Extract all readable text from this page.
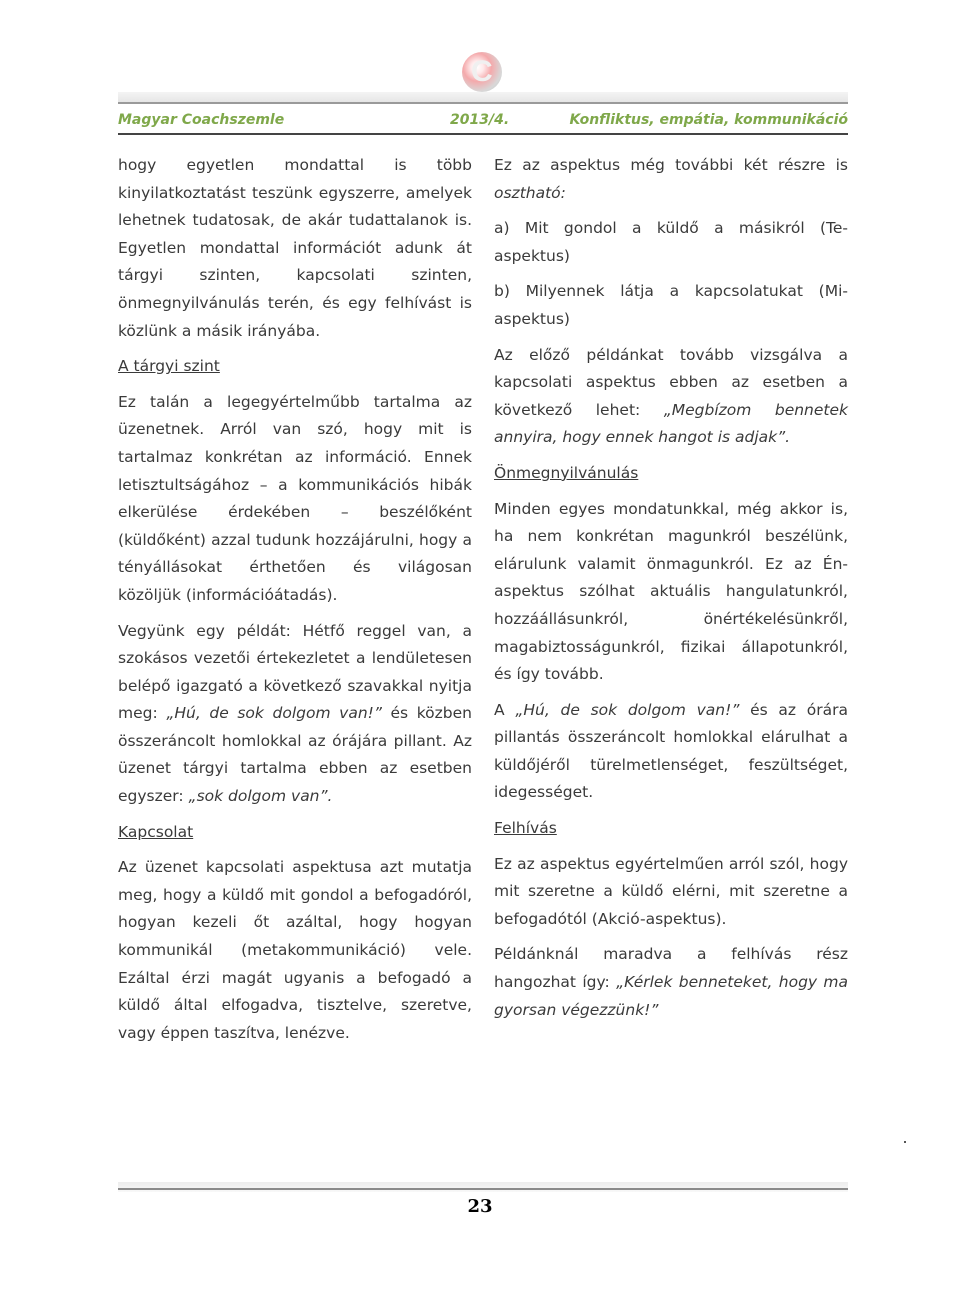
C
Magyar Coachszemle	2013/4.	Konfliktus, empátia, kommunikáció

hogy egyetlen mondattal is több kinyilatkoztatást teszünk egyszerre, amelyek lehetnek tudatosak, de akár tudattalanok is. Egyetlen mondattal információt adunk át tárgyi szinten, kapcsolati szinten, önmegnyilvánulás terén, és egy felhívást is közlünk a másik irányába.

A tárgyi szint

Ez talán a legegyértelműbb tartalma az üzenetnek. Arról van szó, hogy mit is tartalmaz konkrétan az információ. Ennek letisztultságához – a kommunikációs hibák elkerülése érdekében – beszélőként (küldőként) azzal tudunk hozzájárulni, hogy a tényállásokat érthetően és világosan közöljük (információátadás).

Vegyünk egy példát: Hétfő reggel van, a szokásos vezetői értekezletet a lendületesen belépő igazgató a következő szavakkal nyitja meg: „Hú, de sok dolgom van!” és közben összeráncolt homlokkal az órájára pillant. Az üzenet tárgyi tartalma ebben az esetben egyszer: „sok dolgom van”.

Kapcsolat

Az üzenet kapcsolati aspektusa azt mutatja meg, hogy a küldő mit gondol a befogadóról, hogyan kezeli őt azáltal, hogy hogyan kommunikál (metakommunikáció) vele. Ezáltal érzi magát ugyanis a befogadó a küldő által elfogadva, tisztelve, szeretve, vagy éppen taszítva, lenézve.

Ez az aspektus még további két részre is osztható:

a) Mit gondol a küldő a másikról (Te-aspektus)

b) Milyennek látja a kapcsolatukat (Mi-aspektus)

Az előző példánkat tovább vizsgálva a kapcsolati aspektus ebben az esetben a következő lehet: „Megbízom bennetek annyira, hogy ennek hangot is adjak”.

Önmegnyilvánulás

Minden egyes mondatunkkal, még akkor is, ha nem konkrétan magunkról beszélünk, elárulunk valamit önmagunkról. Ez az Én-aspektus szólhat aktuális hangulatunkról, hozzáállásunkról, önértékelésünkről, magabiztosságunkról, fizikai állapotunkról, és így tovább.

A „Hú, de sok dolgom van!” és az órára pillantás összeráncolt homlokkal elárulhat a küldőjéről türelmetlenséget, feszültséget, idegességet.

Felhívás

Ez az aspektus egyértelműen arról szól, hogy mit szeretne a küldő elérni, mit szeretne a befogadótól (Akció-aspektus).

Példánknál maradva a felhívás rész hangozhat így: „Kérlek benneteket, hogy ma gyorsan végezzünk!”

23
